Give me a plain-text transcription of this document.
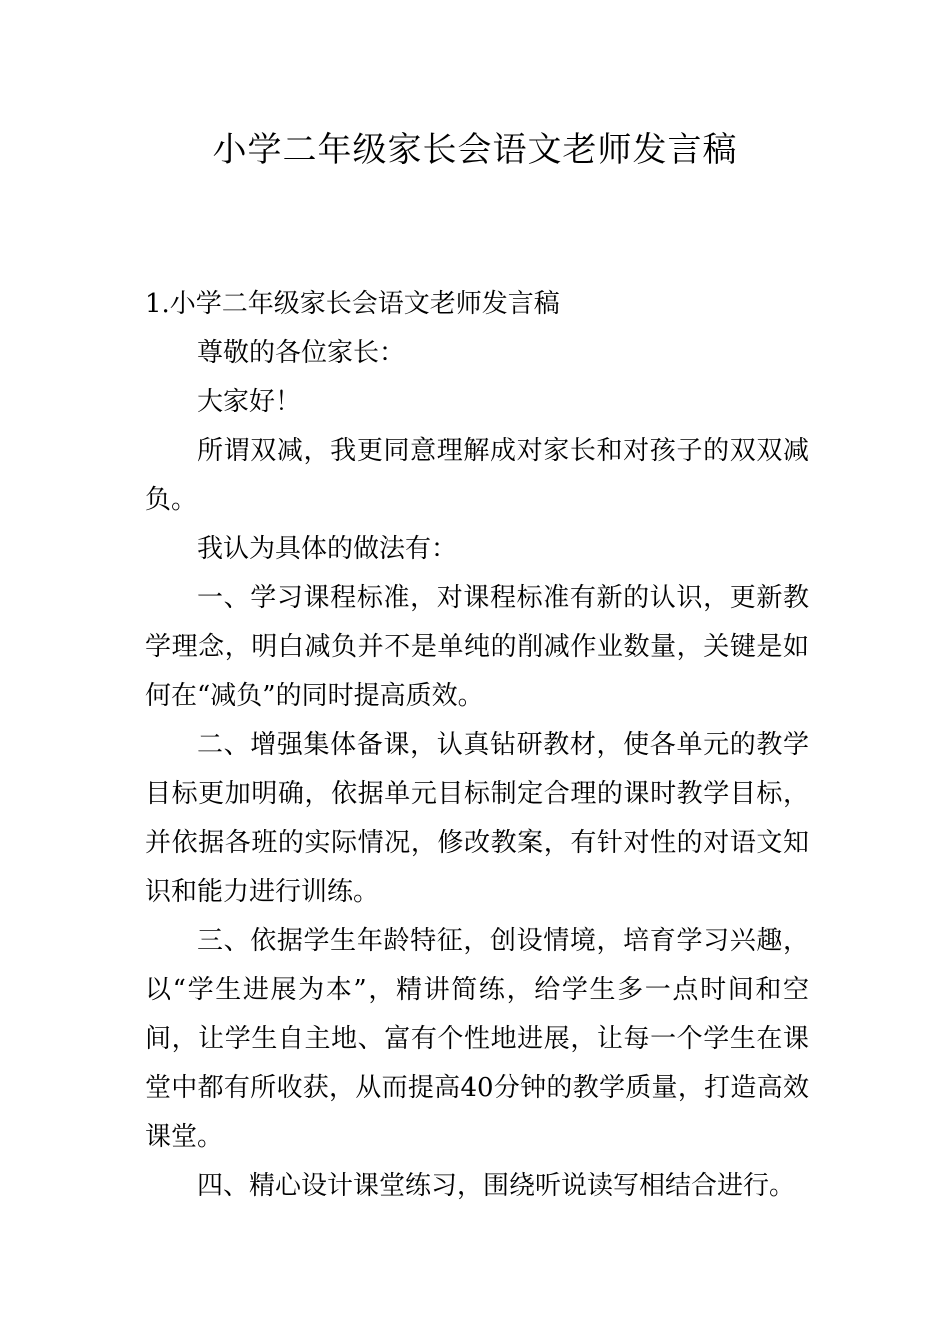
小学二年级家长会语文老师发言稿

1.小学二年级家长会语文老师发言稿

尊敬的各位家长：

大家好！

所谓双减，我更同意理解成对家长和对孩子的双双减负。

我认为具体的做法有：

一、学习课程标准，对课程标准有新的认识，更新教学理念，明白减负并不是单纯的削减作业数量，关键是如何在“减负”的同时提高质效。

二、增强集体备课，认真钻研教材，使各单元的教学目标更加明确，依据单元目标制定合理的课时教学目标，并依据各班的实际情况，修改教案，有针对性的对语文知识和能力进行训练。

三、依据学生年龄特征，创设情境，培育学习兴趣，以“学生进展为本”，精讲简练，给学生多一点时间和空间，让学生自主地、富有个性地进展，让每一个学生在课堂中都有所收获，从而提高40分钟的教学质量，打造高效课堂。

四、精心设计课堂练习，围绕听说读写相结合进行。
